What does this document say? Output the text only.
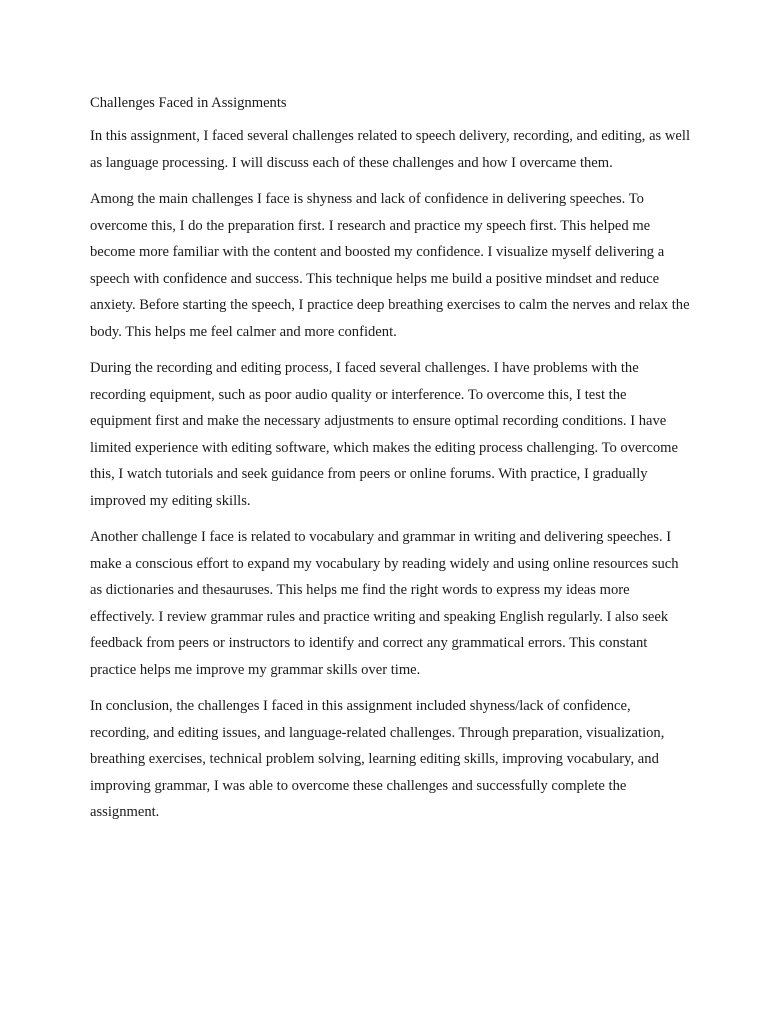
Challenges Faced in Assignments

In this assignment, I faced several challenges related to speech delivery, recording, and editing, as well as language processing. I will discuss each of these challenges and how I overcame them.

Among the main challenges I face is shyness and lack of confidence in delivering speeches. To overcome this, I do the preparation first. I research and practice my speech first. This helped me become more familiar with the content and boosted my confidence. I visualize myself delivering a speech with confidence and success. This technique helps me build a positive mindset and reduce anxiety. Before starting the speech, I practice deep breathing exercises to calm the nerves and relax the body. This helps me feel calmer and more confident.

During the recording and editing process, I faced several challenges. I have problems with the recording equipment, such as poor audio quality or interference. To overcome this, I test the equipment first and make the necessary adjustments to ensure optimal recording conditions. I have limited experience with editing software, which makes the editing process challenging. To overcome this, I watch tutorials and seek guidance from peers or online forums. With practice, I gradually improved my editing skills.

Another challenge I face is related to vocabulary and grammar in writing and delivering speeches. I make a conscious effort to expand my vocabulary by reading widely and using online resources such as dictionaries and thesauruses. This helps me find the right words to express my ideas more effectively. I review grammar rules and practice writing and speaking English regularly. I also seek feedback from peers or instructors to identify and correct any grammatical errors. This constant practice helps me improve my grammar skills over time.

In conclusion, the challenges I faced in this assignment included shyness/lack of confidence, recording, and editing issues, and language-related challenges. Through preparation, visualization, breathing exercises, technical problem solving, learning editing skills, improving vocabulary, and improving grammar, I was able to overcome these challenges and successfully complete the assignment.
